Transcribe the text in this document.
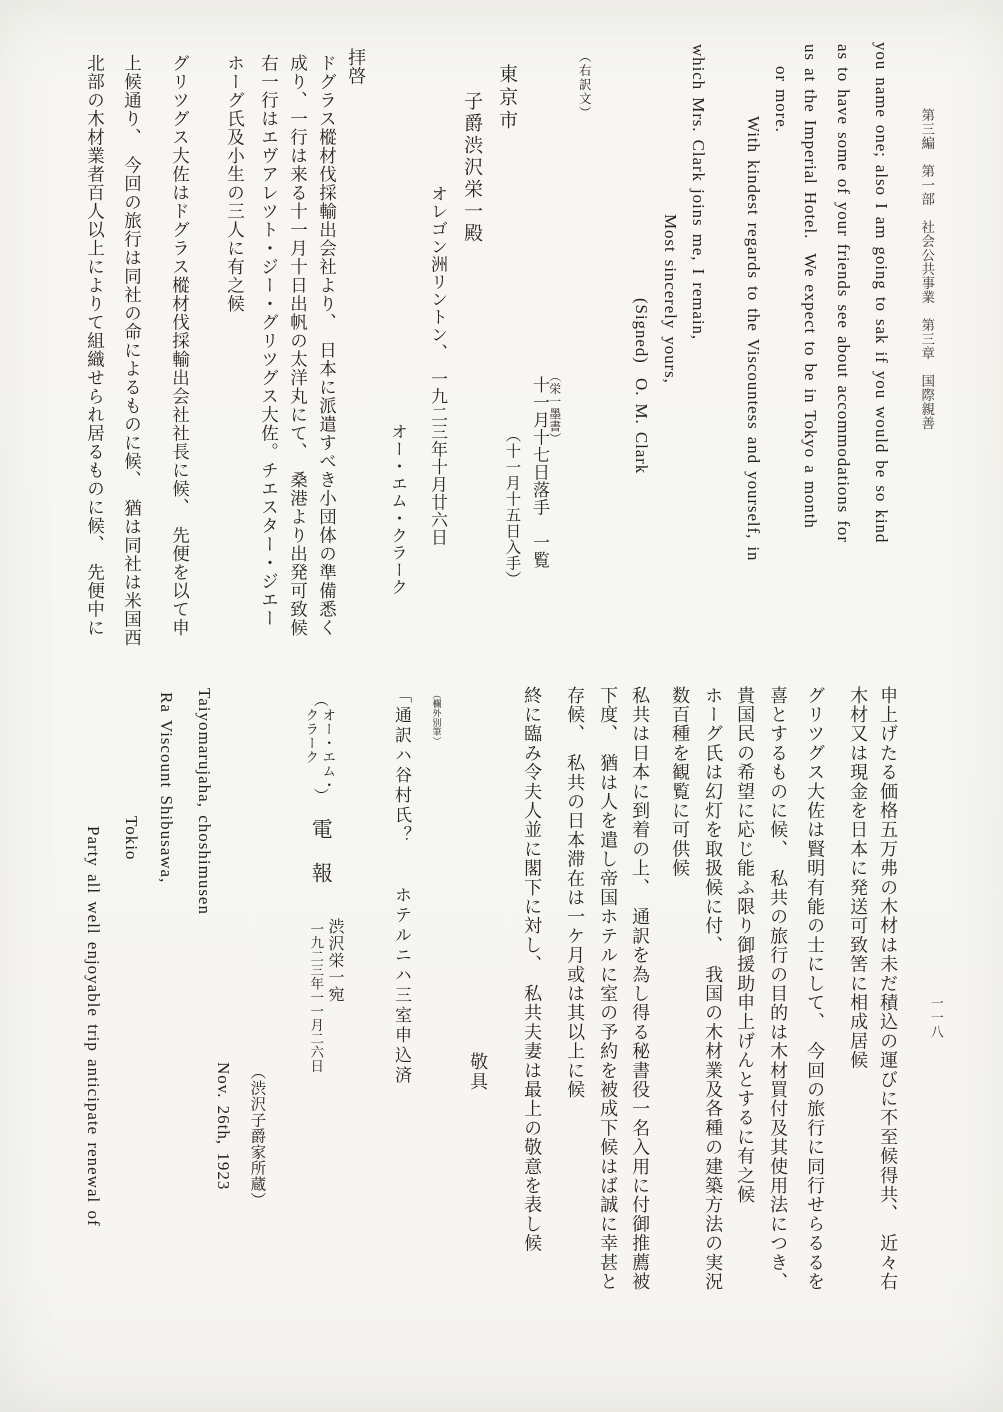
第三編　第一部　社会公共事業　第三章　国際親善
一一八
you name one; also I am going to sak if you would be so kind
as to have some of your friends see about accommodations for
us at the Imperial Hotel.  We expect to be in Tokyo a month
or more.
With kindest regards to the Viscountess and yourself, in
which Mrs. Clark joins me, I remain,
Most sincerely yours,
(Signed)  O. M. Clark
（右訳文）
（栄一墨書）
十一月十七日落手　一覧
（十一月十五日入手）
東京市
子爵渋沢栄一殿
オレゴン洲リントン、　一九二三年十月廿六日
オー・エム・クラーク
拝啓
ドグラス樅材伐採輸出会社より、　日本に派遣すべき小団体の準備悉く
成り、一行は来る十一月十日出帆の太洋丸にて、　桑港より出発可致候
右一行はエヴアレツト・ジー・グリツグス大佐。チエスター・ジエー
ホーグ氏及小生の三人に有之候
グリツグス大佐はドグラス樅材伐採輸出会社社長に候、　先便を以て申
上候通り、　今回の旅行は同社の命によるものに候、　猶は同社は米国西
北部の木材業者百人以上によりて組織せられ居るものに候、　先便中に
申上げたる価格五万弗の木材は未だ積込の運びに不至候得共、　近々右
木材又は現金を日本に発送可致筈に相成居候
グリツグス大佐は賢明有能の士にして、　今回の旅行に同行せらるるを
喜とするものに候、　私共の旅行の目的は木材買付及其使用法につき、
貴国民の希望に応じ能ふ限り御援助申上げんとするに有之候
ホーグ氏は幻灯を取扱候に付、　我国の木材業及各種の建築方法の実況
数百種を観覧に可供候
私共は日本に到着の上、　通訳を為し得る秘書役一名入用に付御推薦被
下度、　猶は人を遣し帝国ホテルに室の予約を被成下候はば誠に幸甚と
存候、　私共の日本滞在は一ケ月或は其以上に候
終に臨み令夫人並に閣下に対し、　私共夫妻は最上の敬意を表し候
敬具
（欄外別筆）
「通訳ハ谷村氏？　　ホテルニハ三室申込済
︵
オー・エム・
クラーク
︶
電　報
渋沢栄一宛
一九二三年一一月二六日
（渋沢子爵家所蔵）
Nov. 26th, 1923
Taiyomarujaha, choshimusen
Ra Viscount Shibusawa,
Tokio
Party all well enjoyable trip anticipate renewal of
